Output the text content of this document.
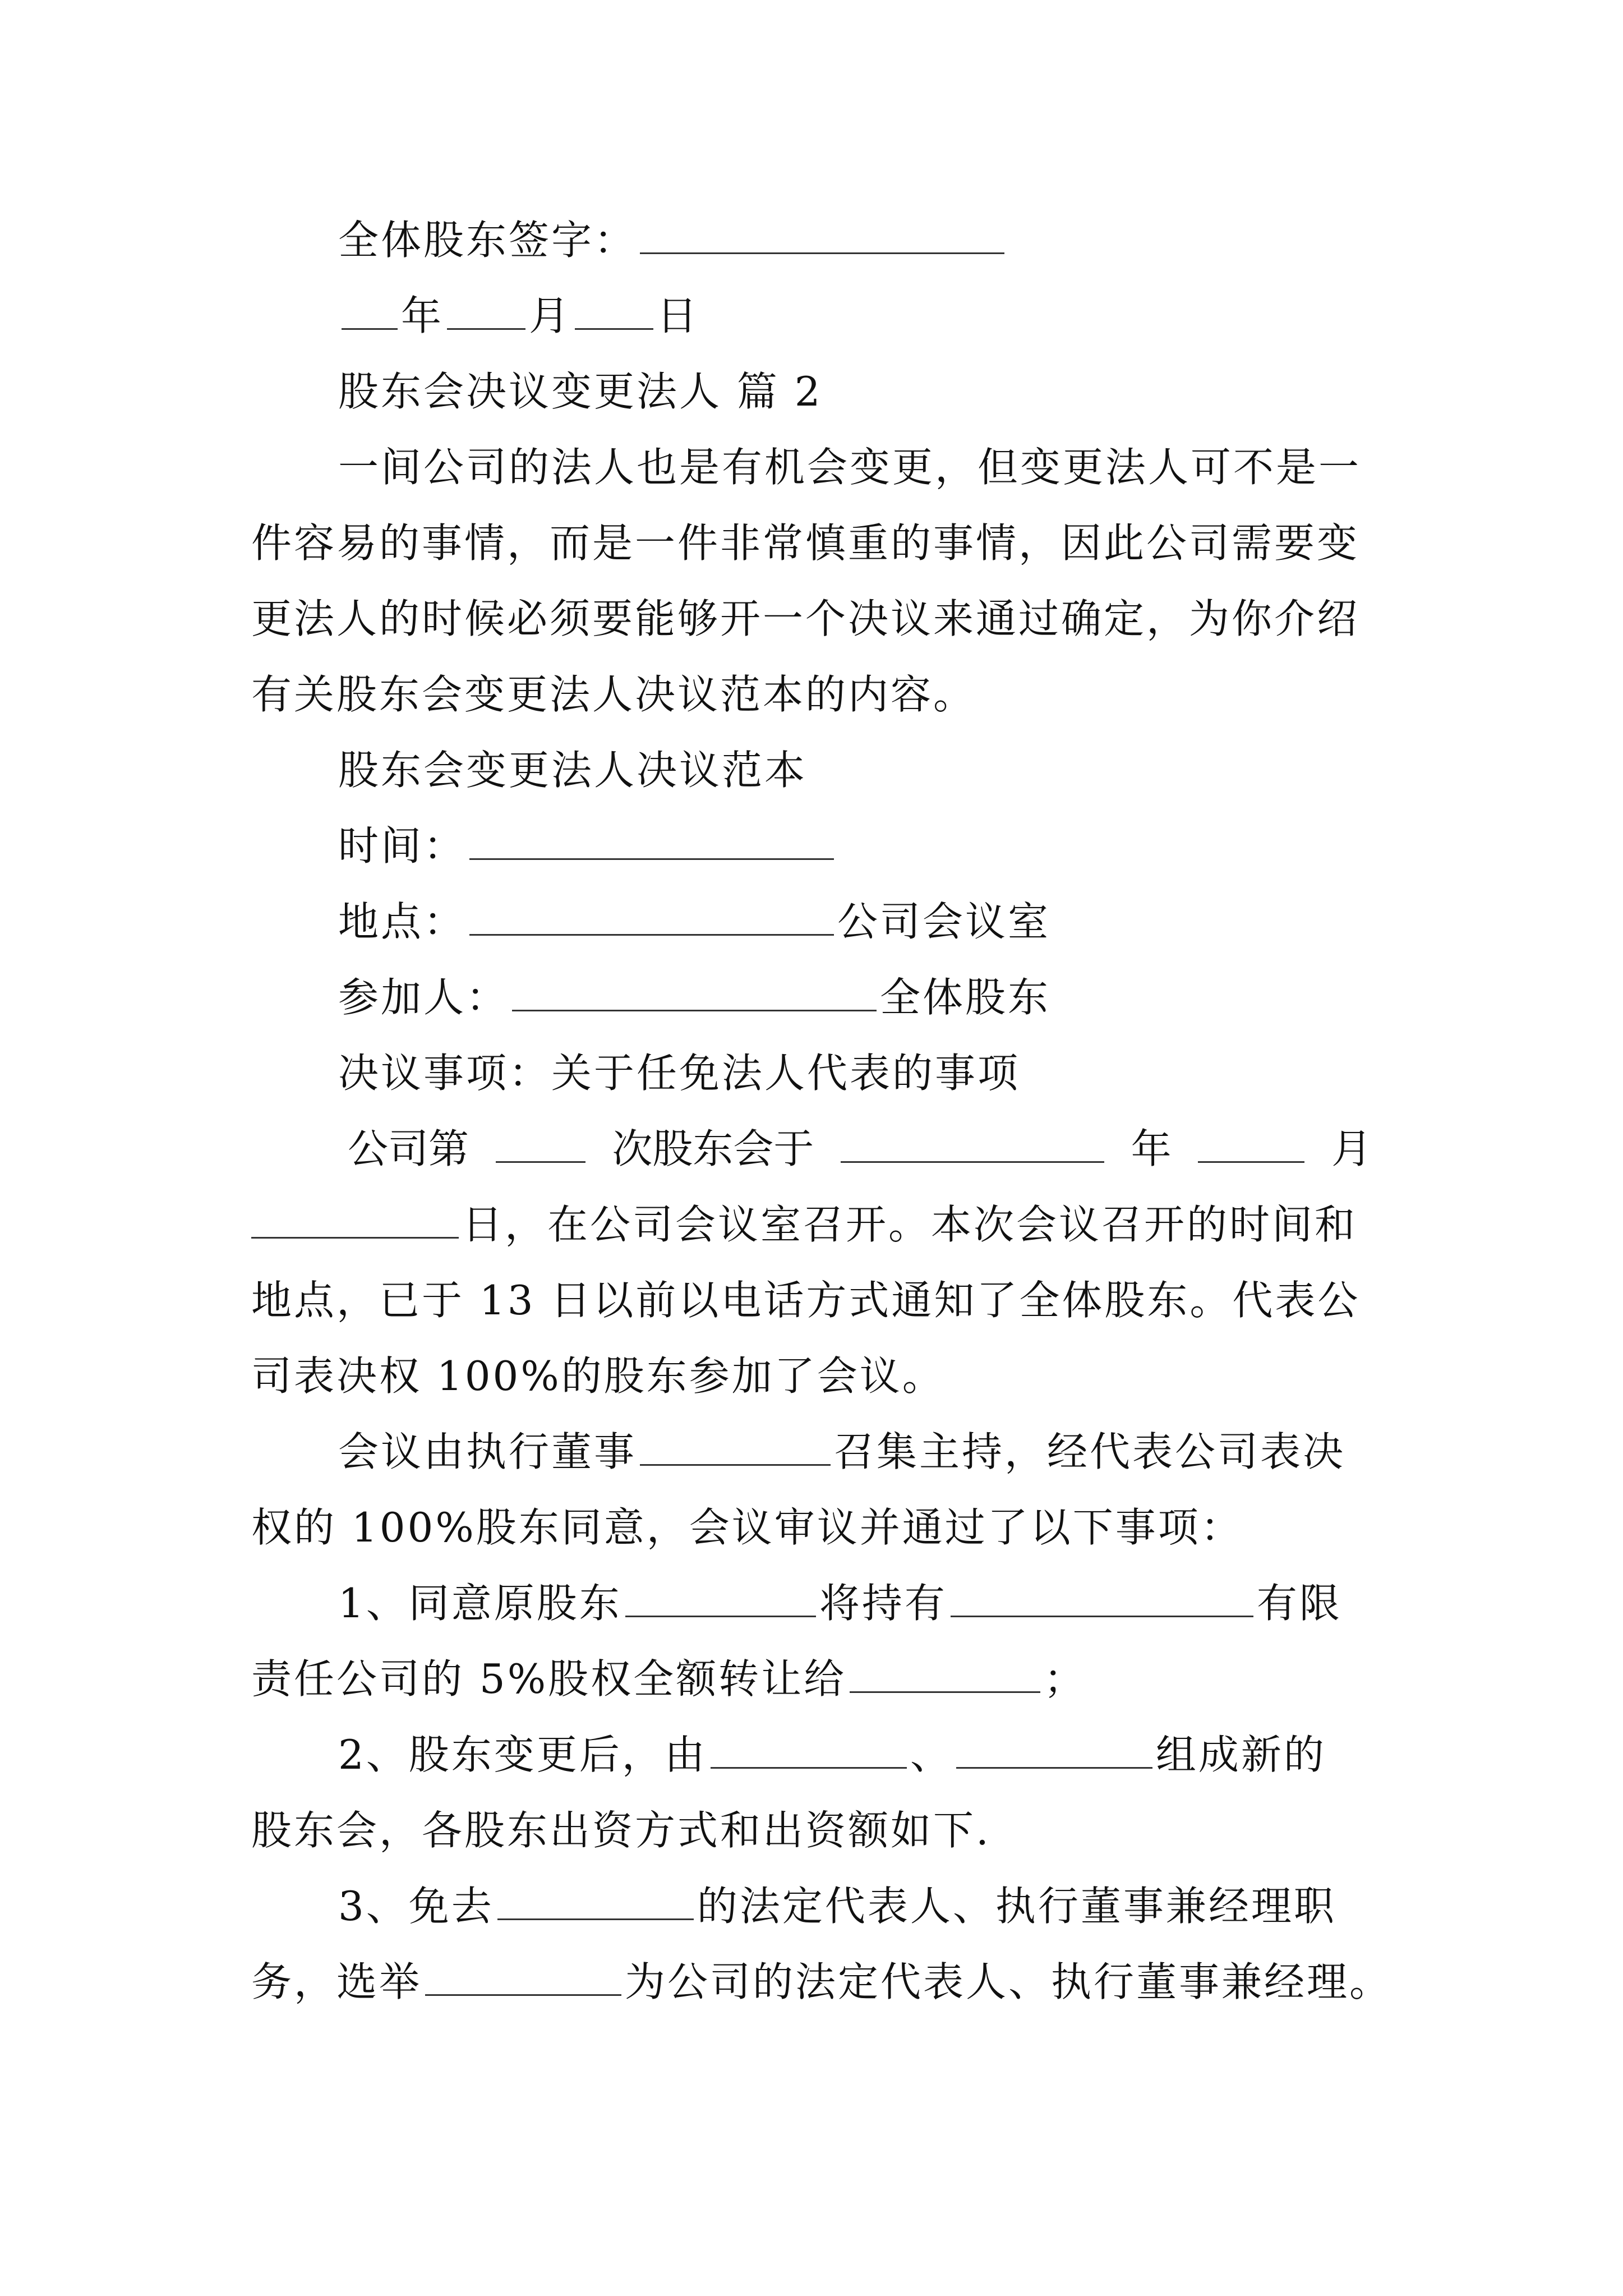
全体股东签字：
年 月 日
股东会决议变更法人 篇 2
一间公司的法人也是有机会变更，但变更法人可不是一
件容易的事情，而是一件非常慎重的事情，因此公司需要变
更法人的时候必须要能够开一个决议来通过确定，为你介绍
有关股东会变更法人决议范本的内容。
股东会变更法人决议范本
时间：
地点：	公司会议室
参加人：	全体股东
决议事项：关于任免法人代表的事项
公司第	次股东会于	年	月
日，在公司会议室召开。本次会议召开的时间和
地点，已于 13 日以前以电话方式通知了全体股东。代表公
司表决权 100%的股东参加了会议。
会议由执行董事	召集主持，经代表公司表决
权的 100%股东同意，会议审议并通过了以下事项：
1、同意原股东	将持有	有限
责任公司的 5%股权全额转让给	；
2、股东变更后，由	、	组成新的
股东会，各股东出资方式和出资额如下.
3、免去	的法定代表人、执行董事兼经理职
务，选举	为公司的法定代表人、执行董事兼经理。
